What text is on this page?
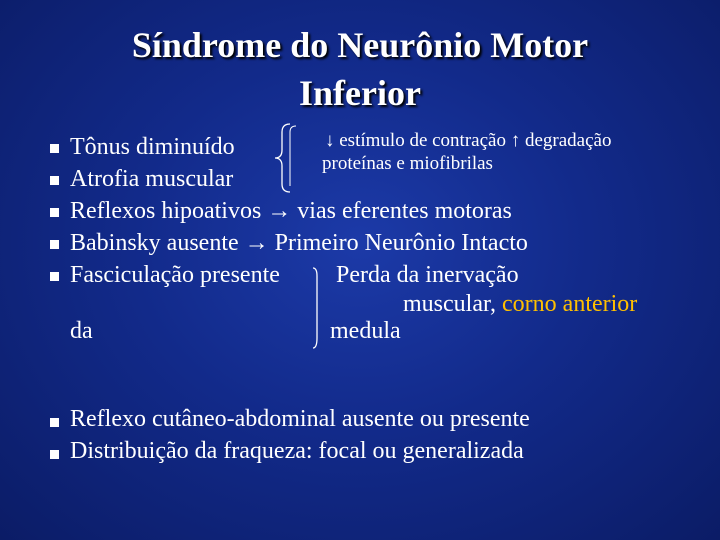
Síndrome do Neurônio Motor
Inferior
Tônus diminuído
Atrofia muscular
Reflexos hipoativos → vias eferentes motoras
Babinsky ausente → Primeiro Neurônio Intacto
Fasciculação presente
↓ estímulo de contração ↑ degradação
proteínas e miofibrilas
Perda da inervação
muscular, corno anterior
da	medula
Reflexo cutâneo-abdominal ausente ou presente
Distribuição da fraqueza: focal ou generalizada
